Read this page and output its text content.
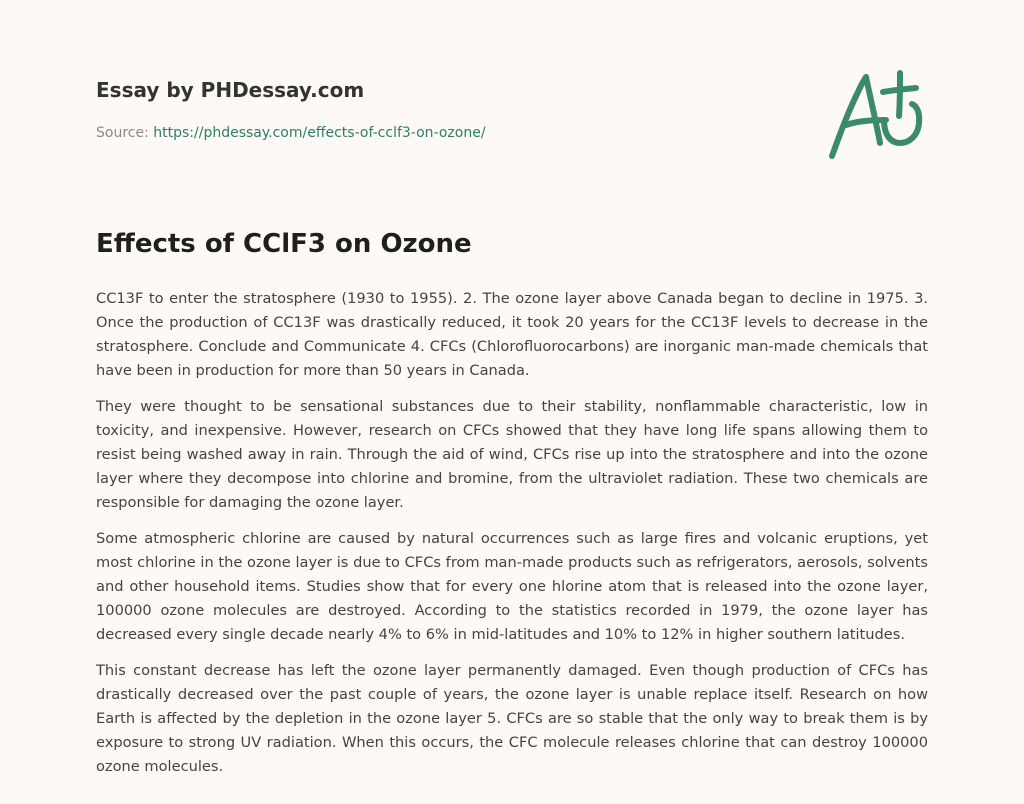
Essay by PHDessay.com

Source: https://phdessay.com/effects-of-cclf3-on-ozone/

Effects of CClF3 on Ozone

CC13F to enter the stratosphere (1930 to 1955). 2. The ozone layer above Canada began to decline in 1975. 3. Once the production of CC13F was drastically reduced, it took 20 years for the CC13F levels to decrease in the stratosphere. Conclude and Communicate 4. CFCs (Chlorofluorocarbons) are inorganic man-made chemicals that have been in production for more than 50 years in Canada.

They were thought to be sensational substances due to their stability, nonflammable characteristic, low in toxicity, and inexpensive. However, research on CFCs showed that they have long life spans allowing them to resist being washed away in rain. Through the aid of wind, CFCs rise up into the stratosphere and into the ozone layer where they decompose into chlorine and bromine, from the ultraviolet radiation. These two chemicals are responsible for damaging the ozone layer.

Some atmospheric chlorine are caused by natural occurrences such as large fires and volcanic eruptions, yet most chlorine in the ozone layer is due to CFCs from man-made products such as refrigerators, aerosols, solvents and other household items. Studies show that for every one hlorine atom that is released into the ozone layer, 100000 ozone molecules are destroyed. According to the statistics recorded in 1979, the ozone layer has decreased every single decade nearly 4% to 6% in mid-latitudes and 10% to 12% in higher southern latitudes.

This constant decrease has left the ozone layer permanently damaged. Even though production of CFCs has drastically decreased over the past couple of years, the ozone layer is unable replace itself. Research on how Earth is affected by the depletion in the ozone layer 5. CFCs are so stable that the only way to break them is by exposure to strong UV radiation. When this occurs, the CFC molecule releases chlorine that can destroy 100000 ozone molecules.
